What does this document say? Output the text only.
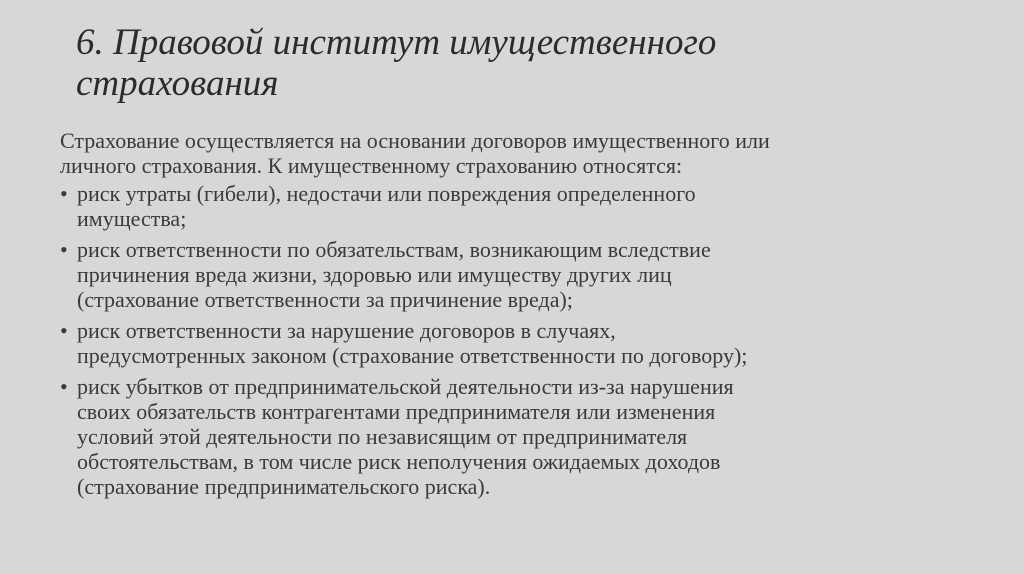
6. Правовой институт имущественного
страхования

Страхование осуществляется на основании договоров имущественного или
личного страхования. К имущественному страхованию относятся:

• риск утраты (гибели), недостачи или повреждения определенного
имущества;
• риск ответственности по обязательствам, возникающим вследствие
причинения вреда жизни, здоровью или имуществу других лиц
(страхование ответственности за причинение вреда);
• риск ответственности за нарушение договоров в случаях,
предусмотренных законом (страхование ответственности по договору);
• риск убытков от предпринимательской деятельности из-за нарушения
своих обязательств контрагентами предпринимателя или изменения
условий этой деятельности по независящим от предпринимателя
обстоятельствам, в том числе риск неполучения ожидаемых доходов
(страхование предпринимательского риска).
